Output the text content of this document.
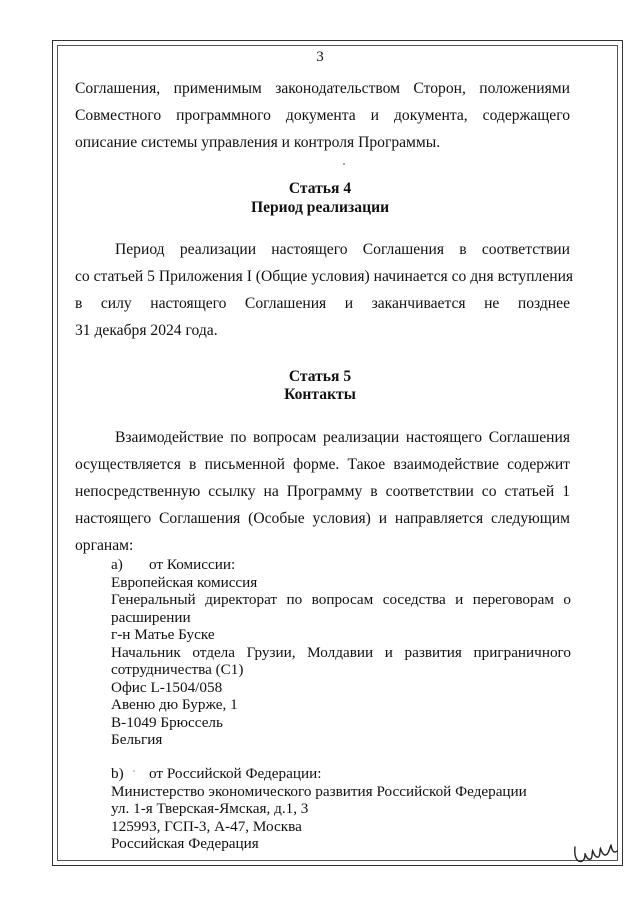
3
Соглашения, применимым законодательством Сторон, положениями
Совместного программного документа и документа, содержащего
описание системы управления и контроля Программы.
Статья 4
Период реализации
Период реализации настоящего Соглашения в соответствии
со статьей 5 Приложения I (Общие условия) начинается со дня вступления
в силу настоящего Соглашения и заканчивается не позднее
31 декабря 2024 года.
Статья 5
Контакты
Взаимодействие по вопросам реализации настоящего Соглашения
осуществляется в письменной форме. Такое взаимодействие содержит
непосредственную ссылку на Программу в соответствии со статьей 1
настоящего Соглашения (Особые условия) и направляется следующим
органам:
a) от Комиссии:
Европейская комиссия
Генеральный директорат по вопросам соседства и переговорам о
расширении
г-н Матье Буске
Начальник отдела Грузии, Молдавии и развития приграничного
сотрудничества (C1)
Офис L-1504/058
Авеню дю Бурже, 1
B-1049 Брюссель
Бельгия
b) от Российской Федерации:
Министерство экономического развития Российской Федерации
ул. 1-я Тверская-Ямская, д.1, 3
125993, ГСП-3, А-47, Москва
Российская Федерация
